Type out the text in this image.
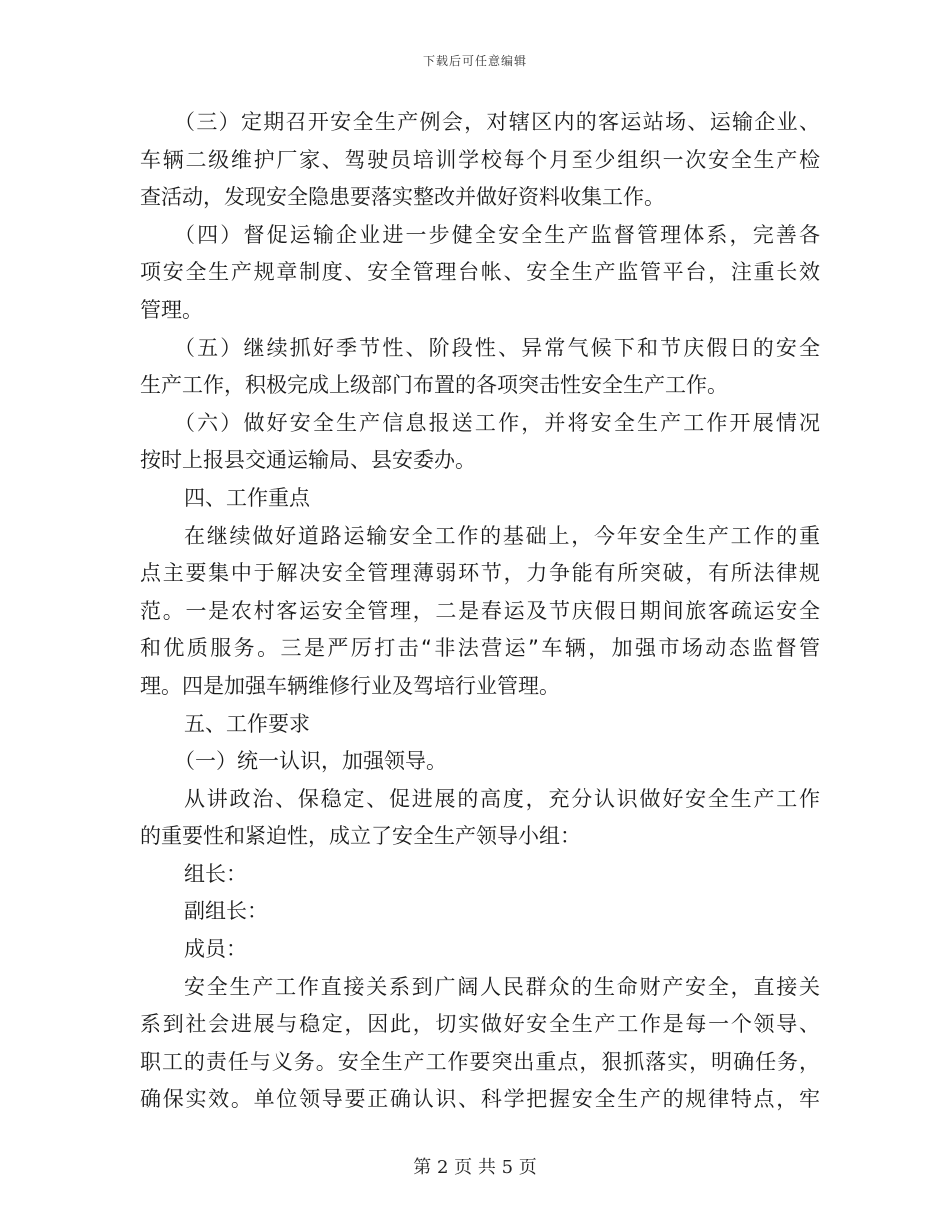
下载后可任意编辑
（三）定期召开安全生产例会，对辖区内的客运站场、运输企业、
车辆二级维护厂家、驾驶员培训学校每个月至少组织一次安全生产检
查活动，发现安全隐患要落实整改并做好资料收集工作。
（四）督促运输企业进一步健全安全生产监督管理体系，完善各
项安全生产规章制度、安全管理台帐、安全生产监管平台，注重长效
管理。
（五）继续抓好季节性、阶段性、异常气候下和节庆假日的安全
生产工作，积极完成上级部门布置的各项突击性安全生产工作。
（六）做好安全生产信息报送工作，并将安全生产工作开展情况
按时上报县交通运输局、县安委办。
四、工作重点
在继续做好道路运输安全工作的基础上，今年安全生产工作的重
点主要集中于解决安全管理薄弱环节，力争能有所突破，有所法律规
范。一是农村客运安全管理，二是春运及节庆假日期间旅客疏运安全
和优质服务。三是严厉打击“非法营运”车辆，加强市场动态监督管
理。四是加强车辆维修行业及驾培行业管理。
五、工作要求
（一）统一认识，加强领导。
从讲政治、保稳定、促进展的高度，充分认识做好安全生产工作
的重要性和紧迫性，成立了安全生产领导小组：
组长：
副组长：
成员：
安全生产工作直接关系到广阔人民群众的生命财产安全，直接关
系到社会进展与稳定，因此，切实做好安全生产工作是每一个领导、
职工的责任与义务。安全生产工作要突出重点，狠抓落实，明确任务，
确保实效。单位领导要正确认识、科学把握安全生产的规律特点，牢
第 2 页 共 5 页
